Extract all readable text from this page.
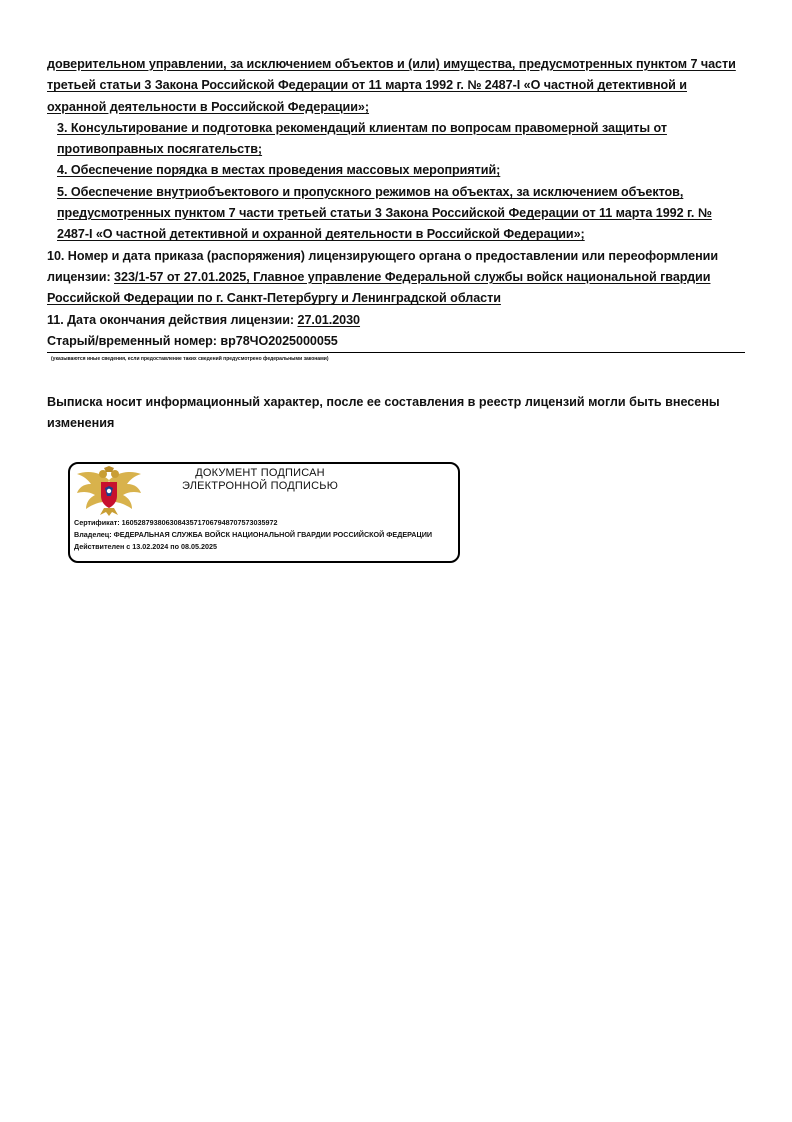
доверительном управлении, за исключением объектов и (или) имущества, предусмотренных пунктом 7 части третьей статьи 3 Закона Российской Федерации от 11 марта 1992 г. № 2487-I «О частной детективной и охранной деятельности в Российской Федерации»;

3. Консультирование и подготовка рекомендаций клиентам по вопросам правомерной защиты от противоправных посягательств;

4. Обеспечение порядка в местах проведения массовых мероприятий;

5. Обеспечение внутриобъектового и пропускного режимов на объектах, за исключением объектов, предусмотренных пунктом 7 части третьей статьи 3 Закона Российской Федерации от 11 марта 1992 г. № 2487-I «О частной детективной и охранной деятельности в Российской Федерации»;

10. Номер и дата приказа (распоряжения) лицензирующего органа о предоставлении или переоформлении лицензии: 323/1-57 от 27.01.2025, Главное управление Федеральной службы войск национальной гвардии Российской Федерации по г. Санкт-Петербургу и Ленинградской области

11. Дата окончания действия лицензии: 27.01.2030

Старый/временный номер: вр78ЧО2025000055

(указываются иные сведения, если предоставление таких сведений предусмотрено федеральными законами)
Выписка носит информационный характер, после ее составления в реестр лицензий могли быть внесены изменения
ДОКУМЕНТ ПОДПИСАН
ЭЛЕКТРОННОЙ ПОДПИСЬЮ
Сертификат: 16052879380630843571706794870757303597​2
Владелец: ФЕДЕРАЛЬНАЯ СЛУЖБА ВОЙСК НАЦИОНАЛЬНОЙ ГВАРДИИ РОССИЙСКОЙ ФЕДЕРАЦИИ
Действителен с 13.02.2024 по 08.05.2025
